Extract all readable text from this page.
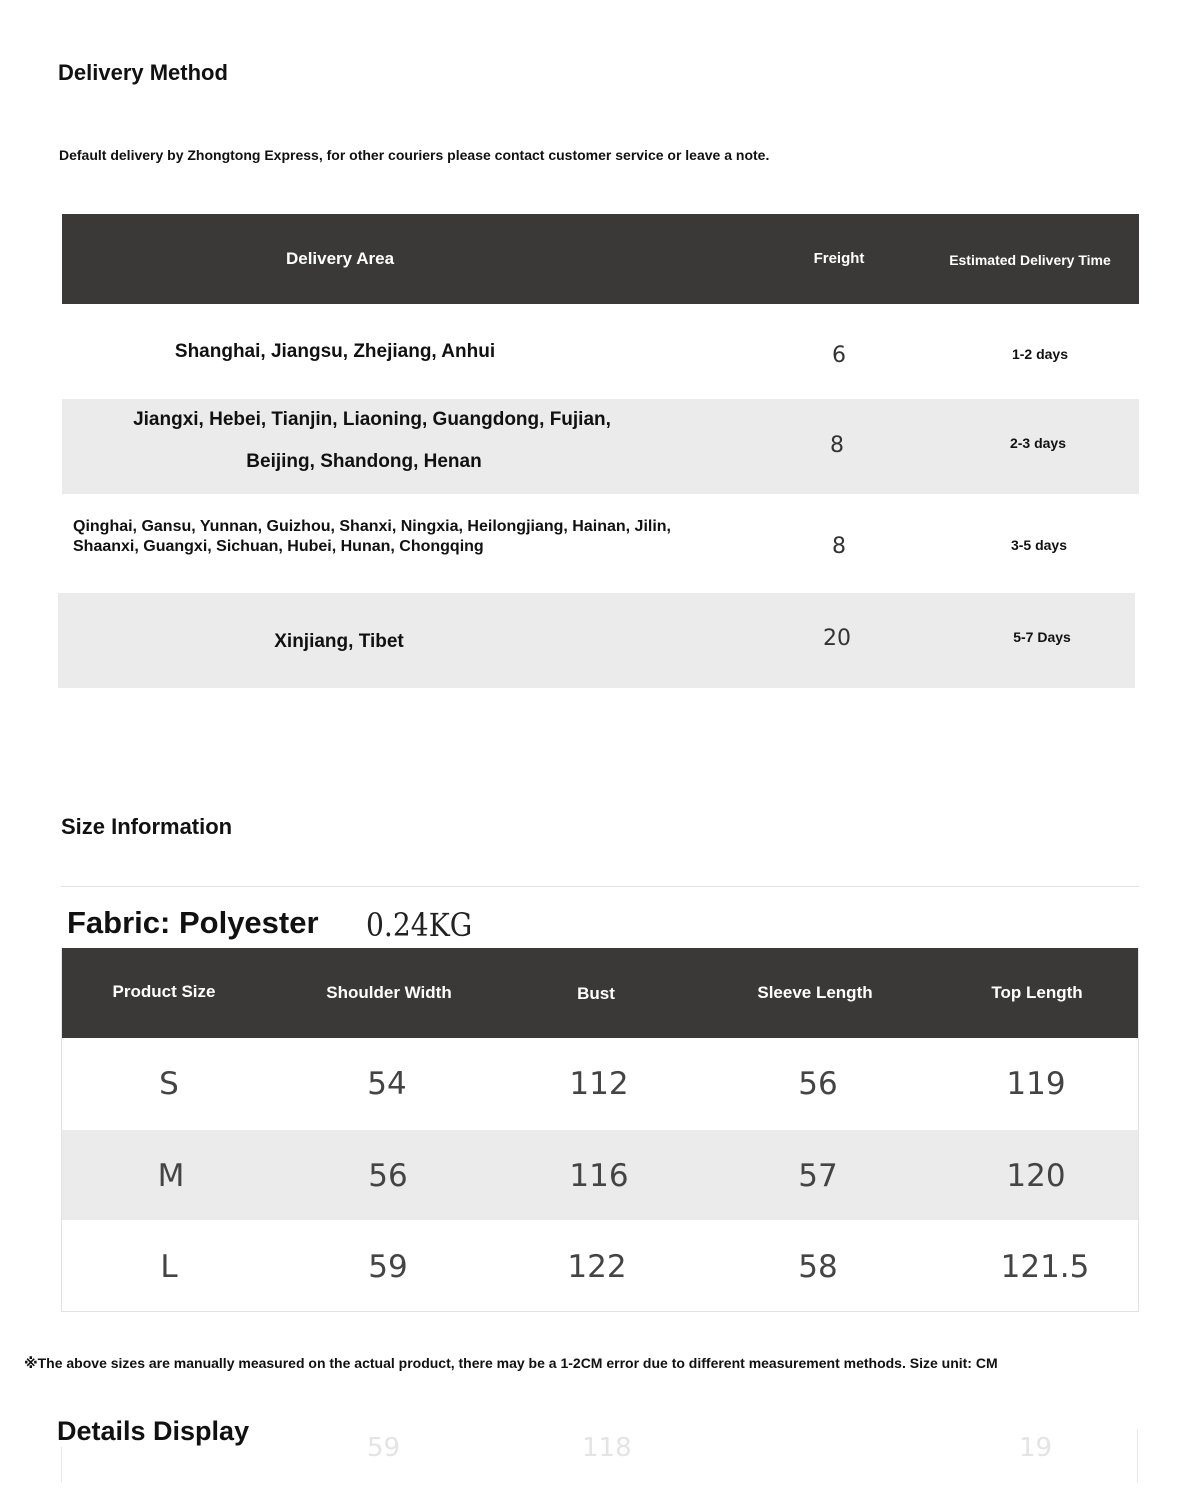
Delivery Method
Default delivery by Zhongtong Express, for other couriers please contact customer service or leave a note.
Delivery Area	Freight	Estimated Delivery Time
Shanghai, Jiangsu, Zhejiang, Anhui	6	1-2 days
Jiangxi, Hebei, Tianjin, Liaoning, Guangdong, Fujian,
Beijing, Shandong, Henan
8	2-3 days
Qinghai, Gansu, Yunnan, Guizhou, Shanxi, Ningxia, Heilongjiang, Hainan, Jilin,
Shaanxi, Guangxi, Sichuan, Hubei, Hunan, Chongqing	8	3-5 days
Xinjiang, Tibet	20	5-7 Days
Size Information
Fabric: Polyester 0.24KG
Product Size	Shoulder Width	Bust	Sleeve Length	Top Length
S	54	112	56	119
M	56	116	57	120
L	59	122	58	121.5
※The above sizes are manually measured on the actual product, there may be a 1-2CM error due to different measurement methods. Size unit: CM
59	118	19
Details Display
